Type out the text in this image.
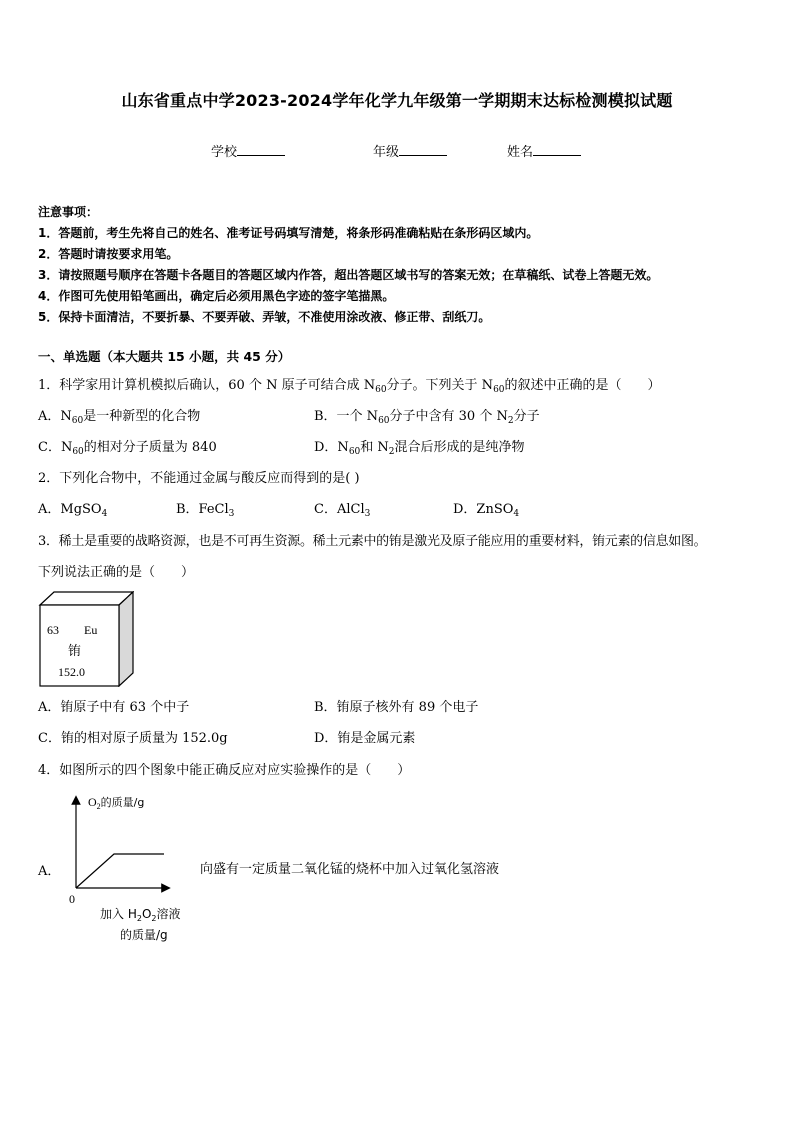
山东省重点中学2023-2024学年化学九年级第一学期期末达标检测模拟试题
学校	年级	姓名
注意事项：
1．答题前，考生先将自己的姓名、准考证号码填写清楚，将条形码准确粘贴在条形码区域内。
2．答题时请按要求用笔。
3．请按照题号顺序在答题卡各题目的答题区域内作答，超出答题区域书写的答案无效；在草稿纸、试卷上答题无效。
4．作图可先使用铅笔画出，确定后必须用黑色字迹的签字笔描黑。
5．保持卡面清洁，不要折暴、不要弄破、弄皱，不准使用涂改液、修正带、刮纸刀。
一、单选题（本大题共 15 小题，共 45 分）
1．科学家用计算机模拟后确认，60 个 N 原子可结合成 $N_{60}$分子。下列关于 $N_{60}$的叙述中正确的是（　　）
A．$N_{60}$是一种新型的化合物	B．一个 $N_{60}$分子中含有 30 个 $N_2$分子
C．$N_{60}$的相对分子质量为 840	D．$N_{60}$和 $N_2$混合后形成的是纯净物
2．下列化合物中，不能通过金属与酸反应而得到的是( )
A．MgSO$_4$	B．FeCl$_3$	C．AlCl$_3$	D．ZnSO$_4$
3．稀土是重要的战略资源，也是不可再生资源。稀土元素中的铕是激光及原子能应用的重要材料，铕元素的信息如图。
下列说法正确的是（　　）
63 Eu
铕
152.0
A．铕原子中有 63 个中子	B．铕原子核外有 89 个电子
C．铕的相对原子质量为 152.0g	D．铕是金属元素
4．如图所示的四个图象中能正确反应对应实验操作的是（　　）
A．
$O_2$的质量/g
0
加入 $H_2O_2$溶液
的质量/g
向盛有一定质量二氧化锰的烧杯中加入过氧化氢溶液
